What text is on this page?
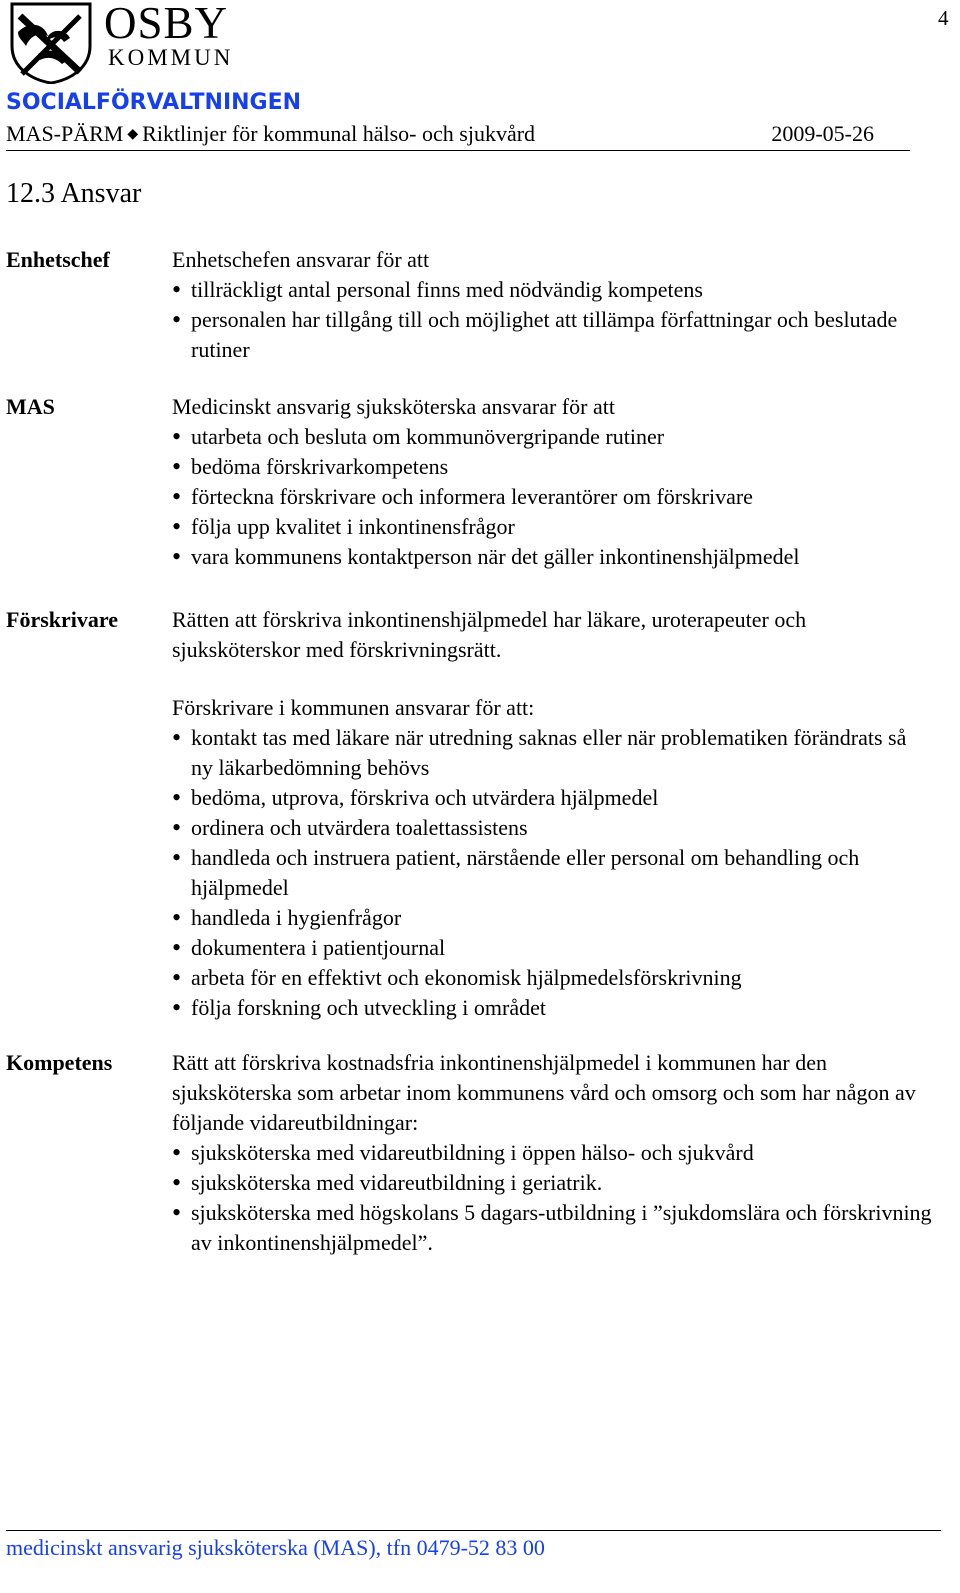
4
OSBY
KOMMUN
SOCIALFÖRVALTNINGEN
MAS-PÄRM ◆ Riktlinjer för kommunal hälso- och sjukvård	2009-05-26
12.3 Ansvar
Enhetschef	Enhetschefen ansvarar för att

• tillräckligt antal personal finns med nödvändig kompetens
• personalen har tillgång till och möjlighet att tillämpa författningar och beslutade rutiner
MAS	Medicinskt ansvarig sjuksköterska ansvarar för att

• utarbeta och besluta om kommunövergripande rutiner
• bedöma förskrivarkompetens
• förteckna förskrivare och informera leverantörer om förskrivare
• följa upp kvalitet i inkontinensfrågor
• vara kommunens kontaktperson när det gäller inkontinenshjälpmedel
Förskrivare Rätten att förskriva inkontinenshjälpmedel har läkare, uroterapeuter och sjuksköterskor med förskrivningsrätt.

Förskrivare i kommunen ansvarar för att:

• kontakt tas med läkare när utredning saknas eller när problematiken förändrats så ny läkarbedömning behövs
• bedöma, utprova, förskriva och utvärdera hjälpmedel
• ordinera och utvärdera toalettassistens
• handleda och instruera patient, närstående eller personal om behandling och hjälpmedel
• handleda i hygienfrågor
• dokumentera i patientjournal
• arbeta för en effektivt och ekonomisk hjälpmedelsförskrivning
• följa forskning och utveckling i området
Kompetens	Rätt att förskriva kostnadsfria inkontinenshjälpmedel i kommunen har den sjuksköterska som arbetar inom kommunens vård och omsorg och som har någon av följande vidareutbildningar:

• sjuksköterska med vidareutbildning i öppen hälso- och sjukvård
• sjuksköterska med vidareutbildning i geriatrik.
• sjuksköterska med högskolans 5 dagars-utbildning i ”sjukdomslära och förskrivning av inkontinenshjälpmedel”.
medicinskt ansvarig sjuksköterska (MAS), tfn 0479-52 83 00
